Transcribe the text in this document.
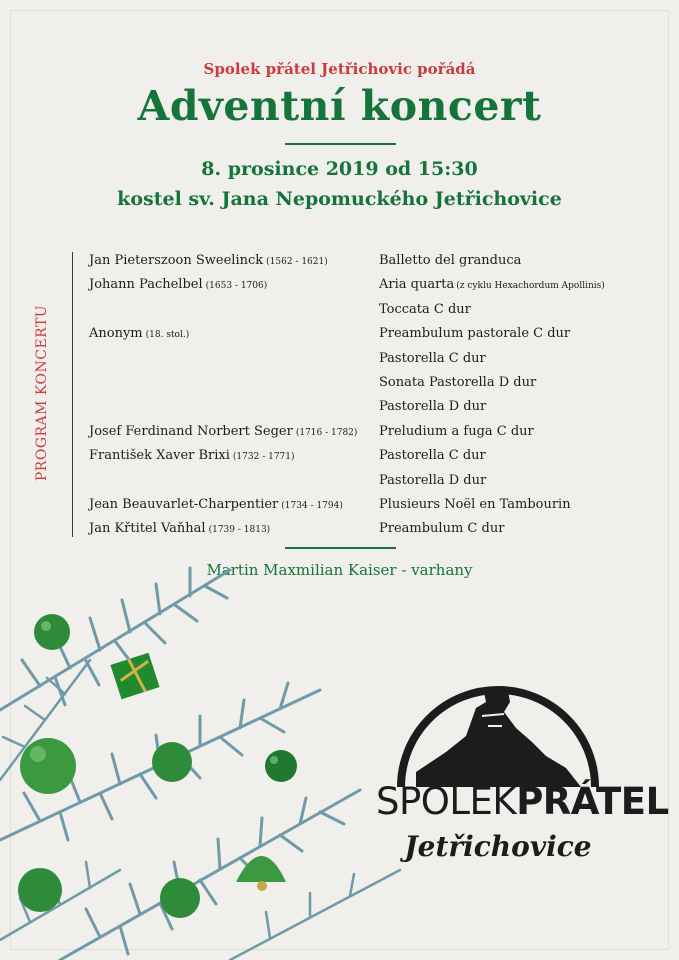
Spolek přátel Jetřichovic pořádá
Adventní koncert
8. prosince 2019 od 15:30
kostel sv. Jana Nepomuckého Jetřichovice
PROGRAM KONCERTU
Jan Pieterszoon Sweelinck (1562 - 1621)	Balletto del granduca
Johann Pachelbel (1653 - 1706)	Aria quarta (z cyklu Hexachordum Apollinis)
Toccata C dur
Anonym (18. stol.)	Preambulum pastorale C dur
Pastorella C dur
Sonata Pastorella D dur
Pastorella D dur
Josef Ferdinand Norbert Seger (1716 - 1782) Preludium a fuga C dur
František Xaver Brixi (1732 - 1771)	Pastorella C dur
Pastorella D dur
Jean Beauvarlet-Charpentier (1734 - 1794)	Plusieurs Noël en Tambourin
Jan Křtitel Vaňhal (1739 - 1813)	Preambulum C dur
Martin Maxmilian Kaiser - varhany
SPOLEKPŘÁTEL
Jetřichovice
